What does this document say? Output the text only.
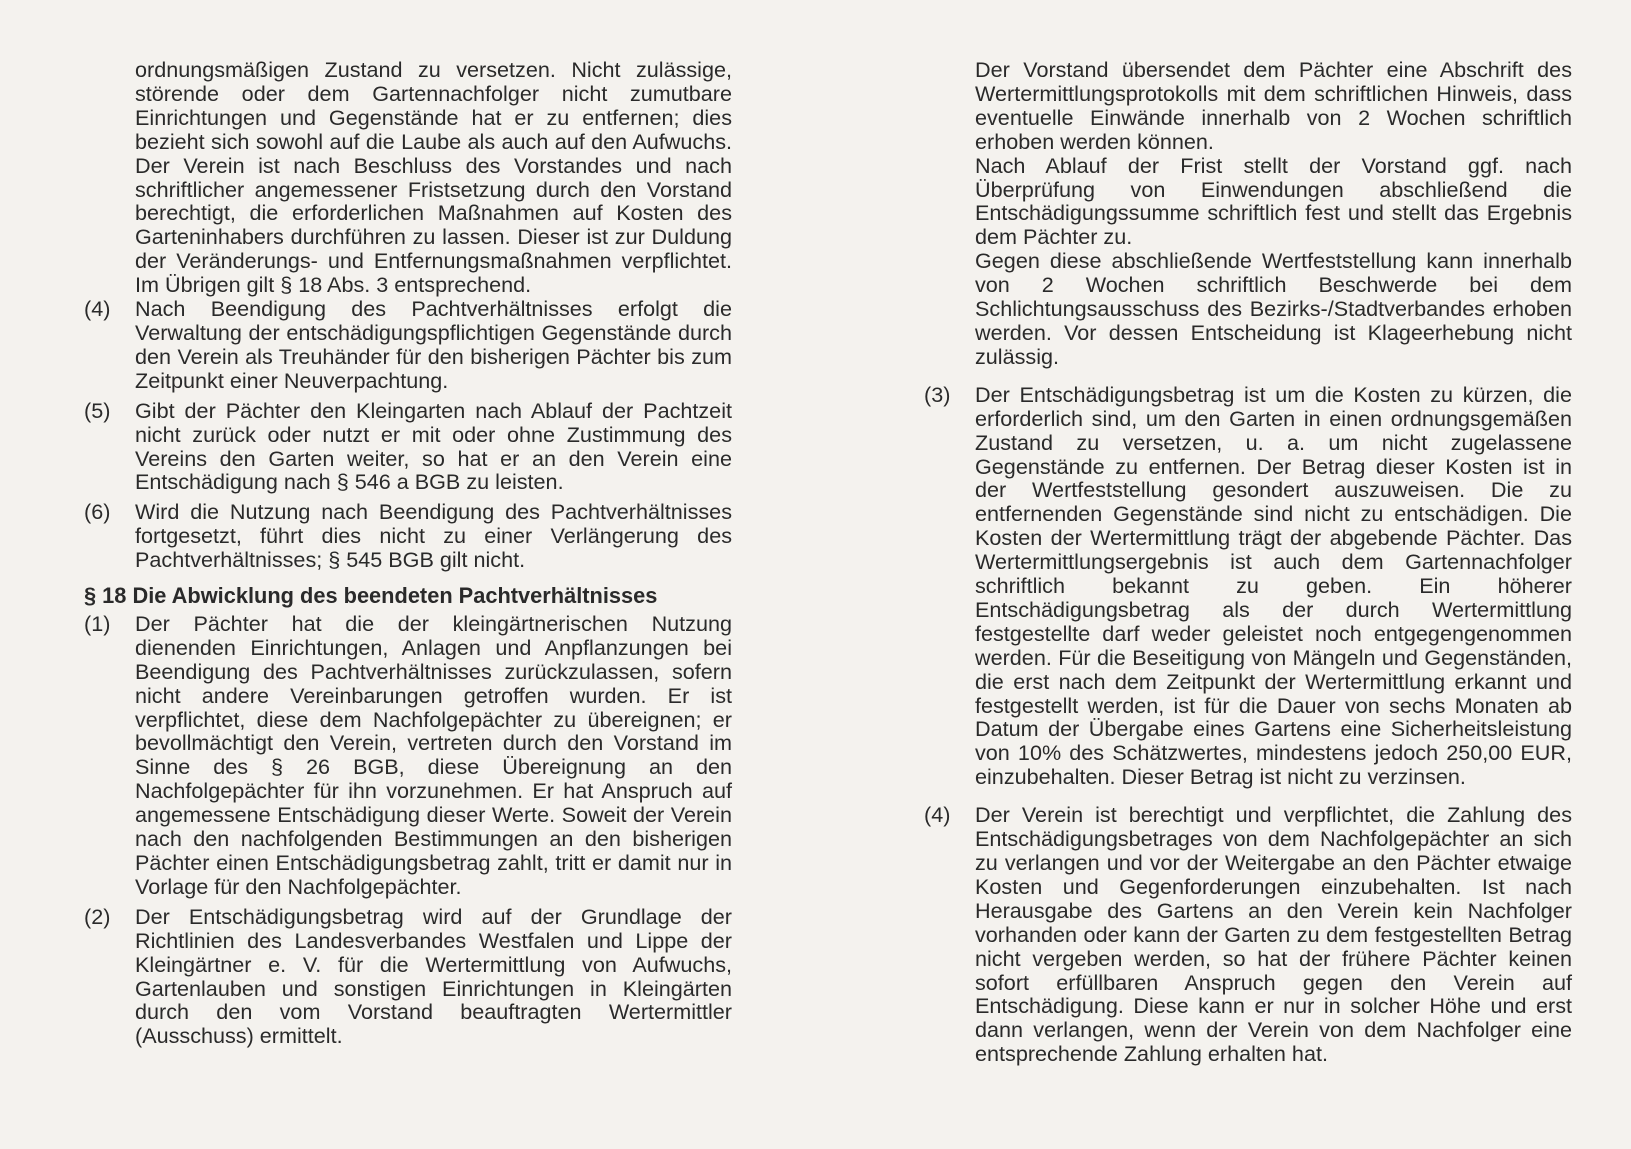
ordnungsmäßigen Zustand zu versetzen. Nicht zulässige, störende oder dem Gartennachfolger nicht zumutbare Einrichtungen und Gegenstände hat er zu entfernen; dies bezieht sich sowohl auf die Laube als auch auf den Aufwuchs. Der Verein ist nach Beschluss des Vorstandes und nach schriftlicher angemessener Fristsetzung durch den Vorstand berechtigt, die erforderlichen Maßnahmen auf Kosten des Garteninhabers durchführen zu lassen. Dieser ist zur Duldung der Veränderungs- und Entfernungsmaßnahmen verpflichtet. Im Übrigen gilt § 18 Abs. 3 entsprechend.

(4)	Nach Beendigung des Pachtverhältnisses erfolgt die Verwaltung der entschädigungspflichtigen Gegenstände durch den Verein als Treuhänder für den bisherigen Pächter bis zum Zeitpunkt einer Neuverpachtung.

(5)	Gibt der Pächter den Kleingarten nach Ablauf der Pachtzeit nicht zurück oder nutzt er mit oder ohne Zustimmung des Vereins den Garten weiter, so hat er an den Verein eine Entschädigung nach § 546 a BGB zu leisten.

(6)	Wird die Nutzung nach Beendigung des Pachtverhältnisses fortgesetzt, führt dies nicht zu einer Verlängerung des Pachtverhältnisses; § 545 BGB gilt nicht.

§ 18 Die Abwicklung des beendeten Pachtverhältnisses
(1)	Der Pächter hat die der kleingärtnerischen Nutzung dienenden Einrichtungen, Anlagen und Anpflanzungen bei Beendigung des Pachtverhältnisses zurückzulassen, sofern nicht andere Vereinbarungen getroffen wurden. Er ist verpflichtet, diese dem Nachfolgepächter zu übereignen; er bevollmächtigt den Verein, vertreten durch den Vorstand im Sinne des § 26 BGB, diese Übereignung an den Nachfolgepächter für ihn vorzunehmen. Er hat Anspruch auf angemessene Entschädigung dieser Werte. Soweit der Verein nach den nachfolgenden Bestimmungen an den bisherigen Pächter einen Entschädigungsbetrag zahlt, tritt er damit nur in Vorlage für den Nachfolgepächter.

(2)	Der Entschädigungsbetrag wird auf der Grundlage der Richtlinien des Landesverbandes Westfalen und Lippe der Kleingärtner e. V. für die Wertermittlung von Aufwuchs, Gartenlauben und sonstigen Einrichtungen in Kleingärten durch den vom Vorstand beauftragten Wertermittler (Ausschuss) ermittelt.

Der Vorstand übersendet dem Pächter eine Abschrift des Wertermittlungsprotokolls mit dem schriftlichen Hinweis, dass eventuelle Einwände innerhalb von 2 Wochen schriftlich erhoben werden können.

Nach Ablauf der Frist stellt der Vorstand ggf. nach Überprüfung von Einwendungen abschließend die Entschädigungssumme schriftlich fest und stellt das Ergebnis dem Pächter zu.

Gegen diese abschließende Wertfeststellung kann innerhalb von 2 Wochen schriftlich Beschwerde bei dem Schlichtungsausschuss des Bezirks-/Stadtverbandes erhoben werden. Vor dessen Entscheidung ist Klageerhebung nicht zulässig.

(3)	Der Entschädigungsbetrag ist um die Kosten zu kürzen, die erforderlich sind, um den Garten in einen ordnungsgemäßen Zustand zu versetzen, u. a. um nicht zugelassene Gegenstände zu entfernen. Der Betrag dieser Kosten ist in der Wertfeststellung gesondert auszuweisen. Die zu entfernenden Gegenstände sind nicht zu entschädigen. Die Kosten der Wertermittlung trägt der abgebende Pächter. Das Wertermittlungsergebnis ist auch dem Gartennachfolger schriftlich bekannt zu geben. Ein höherer Entschädigungsbetrag als der durch Wertermittlung festgestellte darf weder geleistet noch entgegengenommen werden. Für die Beseitigung von Mängeln und Gegenständen, die erst nach dem Zeitpunkt der Wertermittlung erkannt und festgestellt werden, ist für die Dauer von sechs Monaten ab Datum der Übergabe eines Gartens eine Sicherheitsleistung von 10% des Schätzwertes, mindestens jedoch 250,00 EUR, einzubehalten. Dieser Betrag ist nicht zu verzinsen.

(4)	Der Verein ist berechtigt und verpflichtet, die Zahlung des Entschädigungsbetrages von dem Nachfolgepächter an sich zu verlangen und vor der Weitergabe an den Pächter etwaige Kosten und Gegenforderungen einzubehalten. Ist nach Herausgabe des Gartens an den Verein kein Nachfolger vorhanden oder kann der Garten zu dem festgestellten Betrag nicht vergeben werden, so hat der frühere Pächter keinen sofort erfüllbaren Anspruch gegen den Verein auf Entschädigung. Diese kann er nur in solcher Höhe und erst dann verlangen, wenn der Verein von dem Nachfolger eine entsprechende Zahlung erhalten hat.
